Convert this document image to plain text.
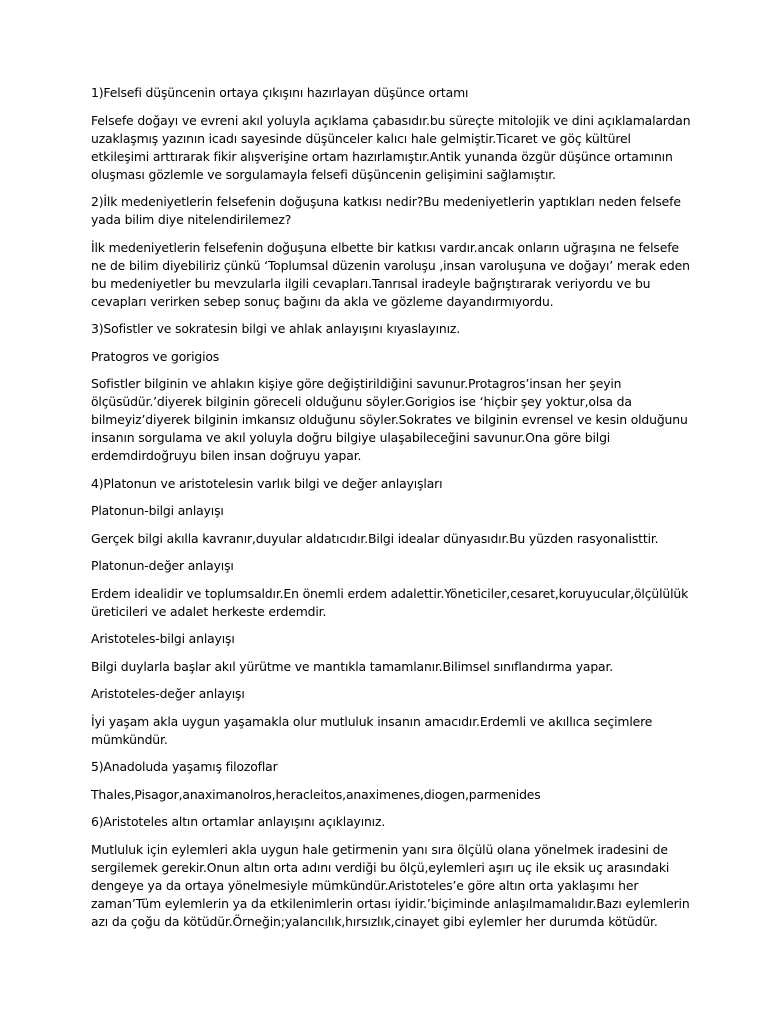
1)Felsefi düşüncenin ortaya çıkışını hazırlayan düşünce ortamı

Felsefe doğayı ve evreni akıl yoluyla açıklama çabasıdır.bu süreçte mitolojik ve dini açıklamalardan uzaklaşmış yazının icadı sayesinde düşünceler kalıcı hale gelmiştir.Ticaret ve göç kültürel etkileşimi arttırarak fikir alışverişine ortam hazırlamıştır.Antik yunanda özgür düşünce ortamının oluşması gözlemle ve sorgulamayla felsefi düşüncenin gelişimini sağlamıştır.

2)İlk medeniyetlerin felsefenin doğuşuna katkısı nedir?Bu medeniyetlerin yaptıkları neden felsefe yada bilim diye nitelendirilemez?

İlk medeniyetlerin felsefenin doğuşuna elbette bir katkısı vardır.ancak onların uğraşına ne felsefe ne de bilim diyebiliriz çünkü ‘Toplumsal düzenin varoluşu ,insan varoluşuna ve doğayı’ merak eden bu medeniyetler bu mevzularla ilgili cevapları.Tanrısal iradeyle bağrıştırarak veriyordu ve bu cevapları verirken sebep sonuç bağını da akla ve gözleme dayandırmıyordu.

3)Sofistler ve sokratesin bilgi ve ahlak anlayışını kıyaslayınız.

Pratogros ve gorigios

Sofistler bilginin ve ahlakın kişiye göre değiştirildiğini savunur.Protagros’insan her şeyin ölçüsüdür.’diyerek bilginin göreceli olduğunu söyler.Gorigios ise ‘hiçbir şey yoktur,olsa da bilmeyiz’diyerek bilginin imkansız olduğunu söyler.Sokrates ve bilginin evrensel ve kesin olduğunu insanın sorgulama ve akıl yoluyla doğru bilgiye ulaşabileceğini savunur.Ona göre bilgi erdemdirdoğruyu bilen insan doğruyu yapar.

4)Platonun ve aristotelesin varlık bilgi ve değer anlayışları

Platonun-bilgi anlayışı

Gerçek bilgi akılla kavranır,duyular aldatıcıdır.Bilgi idealar dünyasıdır.Bu yüzden rasyonalisttir.

Platonun-değer anlayışı

Erdem idealidir ve toplumsaldır.En önemli erdem adalettir.Yöneticiler,cesaret,koruyucular,ölçülülük üreticileri ve adalet herkeste erdemdir.

Aristoteles-bilgi anlayışı

Bilgi duylarla başlar akıl yürütme ve mantıkla tamamlanır.Bilimsel sınıflandırma yapar.

Aristoteles-değer anlayışı

İyi yaşam akla uygun yaşamakla olur mutluluk insanın amacıdır.Erdemli ve akıllıca seçimlere mümkündür.

5)Anadoluda yaşamış filozoflar

Thales,Pisagor,anaximanolros,heracleitos,anaximenes,diogen,parmenides

6)Aristoteles altın ortamlar anlayışını açıklayınız.

Mutluluk için eylemleri akla uygun hale getirmenin yanı sıra ölçülü olana yönelmek iradesini de sergilemek gerekir.Onun altın orta adını verdiği bu ölçü,eylemleri aşırı uç ile eksik uç arasındaki dengeye ya da ortaya yönelmesiyle mümkündür.Aristoteles’e göre altın orta yaklaşımı her zaman’Tüm eylemlerin ya da etkilenimlerin ortası iyidir.’biçiminde anlaşılmamalıdır.Bazı eylemlerin azı da çoğu da kötüdür.Örneğin;yalancılık,hırsızlık,cinayet gibi eylemler her durumda kötüdür.
